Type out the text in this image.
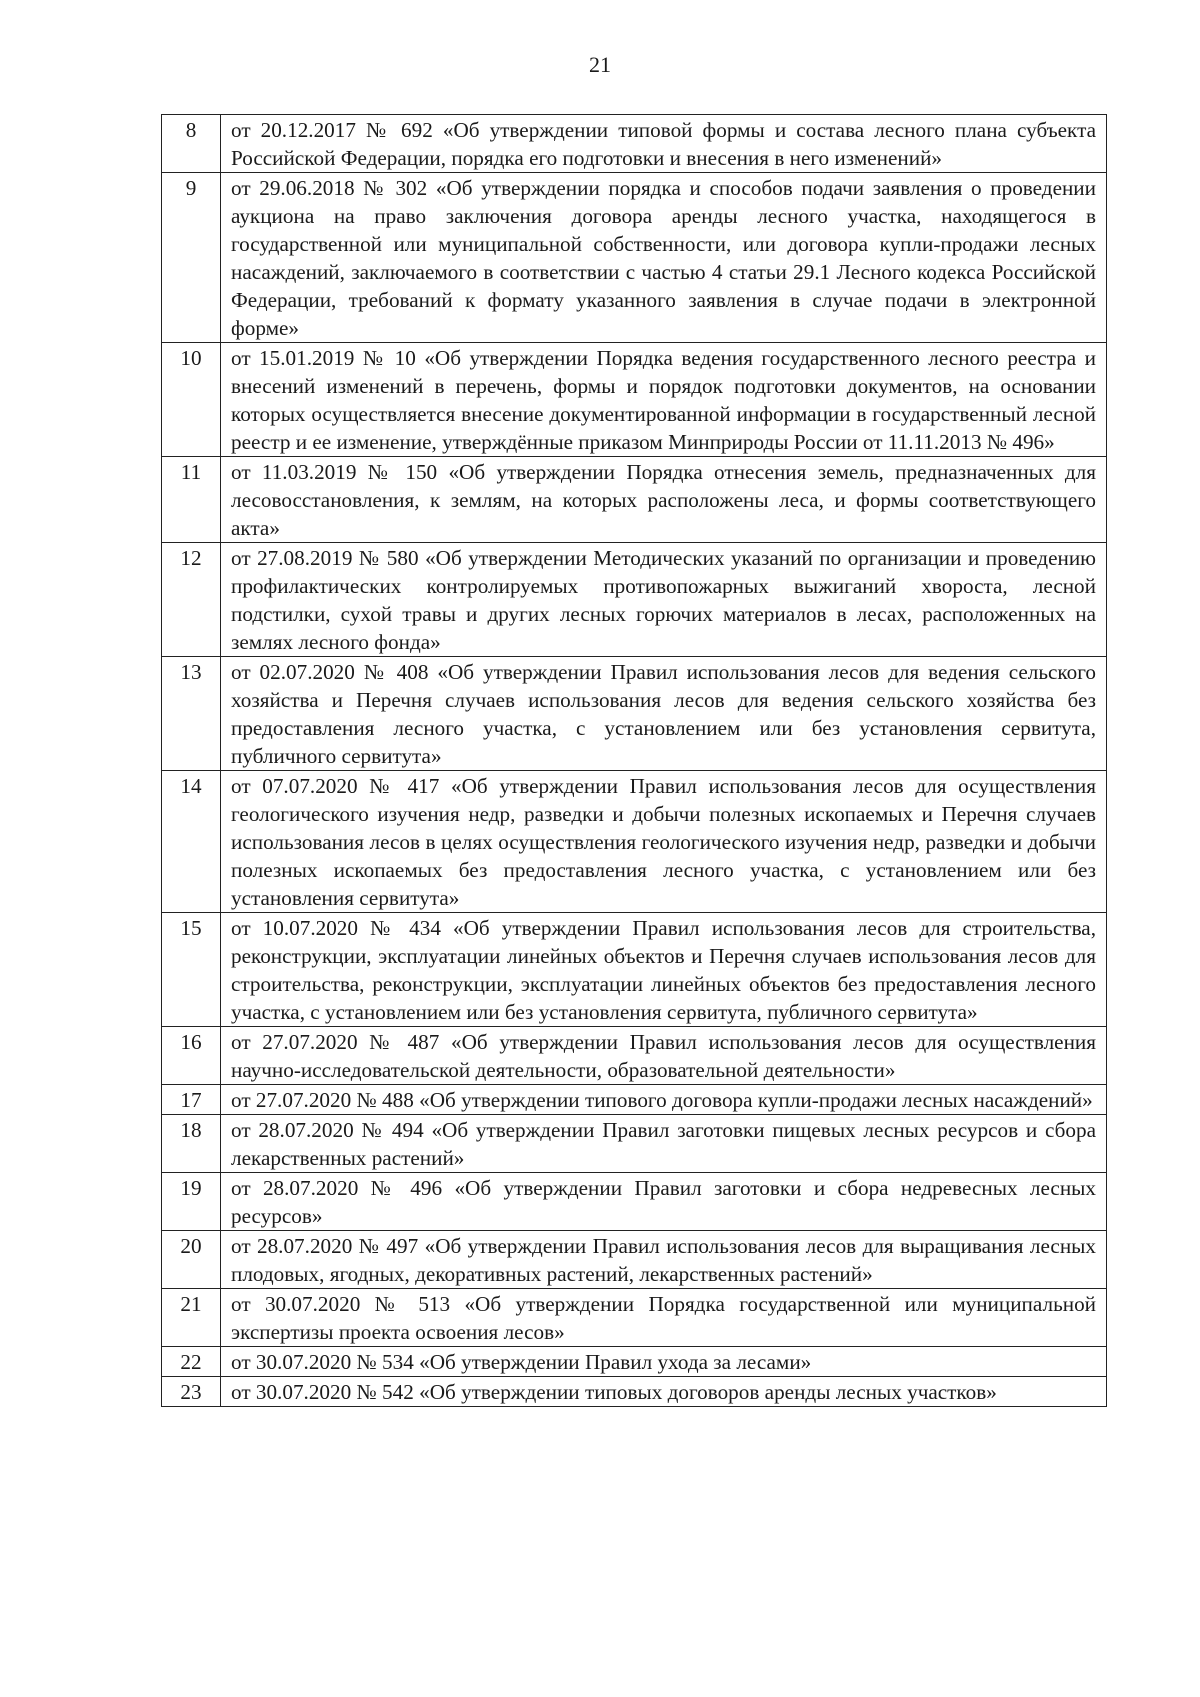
21
8	от 20.12.2017 № 692 «Об утверждении типовой формы и состава лесного плана субъекта Российской Федерации, порядка его подготовки и внесения в него изменений»
9	от 29.06.2018 № 302 «Об утверждении порядка и способов подачи заявления о проведении аукциона на право заключения договора аренды лесного участка, находящегося в государственной или муниципальной собственности, или договора купли-продажи лесных насаждений, заключаемого в соответствии с частью 4 статьи 29.1 Лесного кодекса Российской Федерации, требований к формату указанного заявления в случае подачи в электронной форме»
10	от 15.01.2019 № 10 «Об утверждении Порядка ведения государственного лесного реестра и внесений изменений в перечень, формы и порядок подготовки документов, на основании которых осуществляется внесение документированной информации в государственный лесной реестр и ее изменение, утверждённые приказом Минприроды России от 11.11.2013 № 496»
11	от 11.03.2019 № 150 «Об утверждении Порядка отнесения земель, предназначенных для лесовосстановления, к землям, на которых расположены леса, и формы соответствующего акта»
12	от 27.08.2019 № 580 «Об утверждении Методических указаний по организации и проведению профилактических контролируемых противопожарных выжиганий хвороста, лесной подстилки, сухой травы и других лесных горючих материалов в лесах, расположенных на землях лесного фонда»
13	от 02.07.2020 № 408 «Об утверждении Правил использования лесов для ведения сельского хозяйства и Перечня случаев использования лесов для ведения сельского хозяйства без предоставления лесного участка, с установлением или без установления сервитута, публичного сервитута»
14	от 07.07.2020 № 417 «Об утверждении Правил использования лесов для осуществления геологического изучения недр, разведки и добычи полезных ископаемых и Перечня случаев использования лесов в целях осуществления геологического изучения недр, разведки и добычи полезных ископаемых без предоставления лесного участка, с установлением или без установления сервитута»
15	от 10.07.2020 № 434 «Об утверждении Правил использования лесов для строительства, реконструкции, эксплуатации линейных объектов и Перечня случаев использования лесов для строительства, реконструкции, эксплуатации линейных объектов без предоставления лесного участка, с установлением или без установления сервитута, публичного сервитута»
16	от 27.07.2020 № 487 «Об утверждении Правил использования лесов для осуществления научно-исследовательской деятельности, образовательной деятельности»
17	от 27.07.2020 № 488 «Об утверждении типового договора купли-продажи лесных насаждений»
18	от 28.07.2020 № 494 «Об утверждении Правил заготовки пищевых лесных ресурсов и сбора лекарственных растений»
19	от 28.07.2020 № 496 «Об утверждении Правил заготовки и сбора недревесных лесных ресурсов»
20	от 28.07.2020 № 497 «Об утверждении Правил использования лесов для выращивания лесных плодовых, ягодных, декоративных растений, лекарственных растений»
21	от 30.07.2020 № 513 «Об утверждении Порядка государственной или муниципальной экспертизы проекта освоения лесов»
22	от 30.07.2020 № 534 «Об утверждении Правил ухода за лесами»
23	от 30.07.2020 № 542 «Об утверждении типовых договоров аренды лесных участков»
